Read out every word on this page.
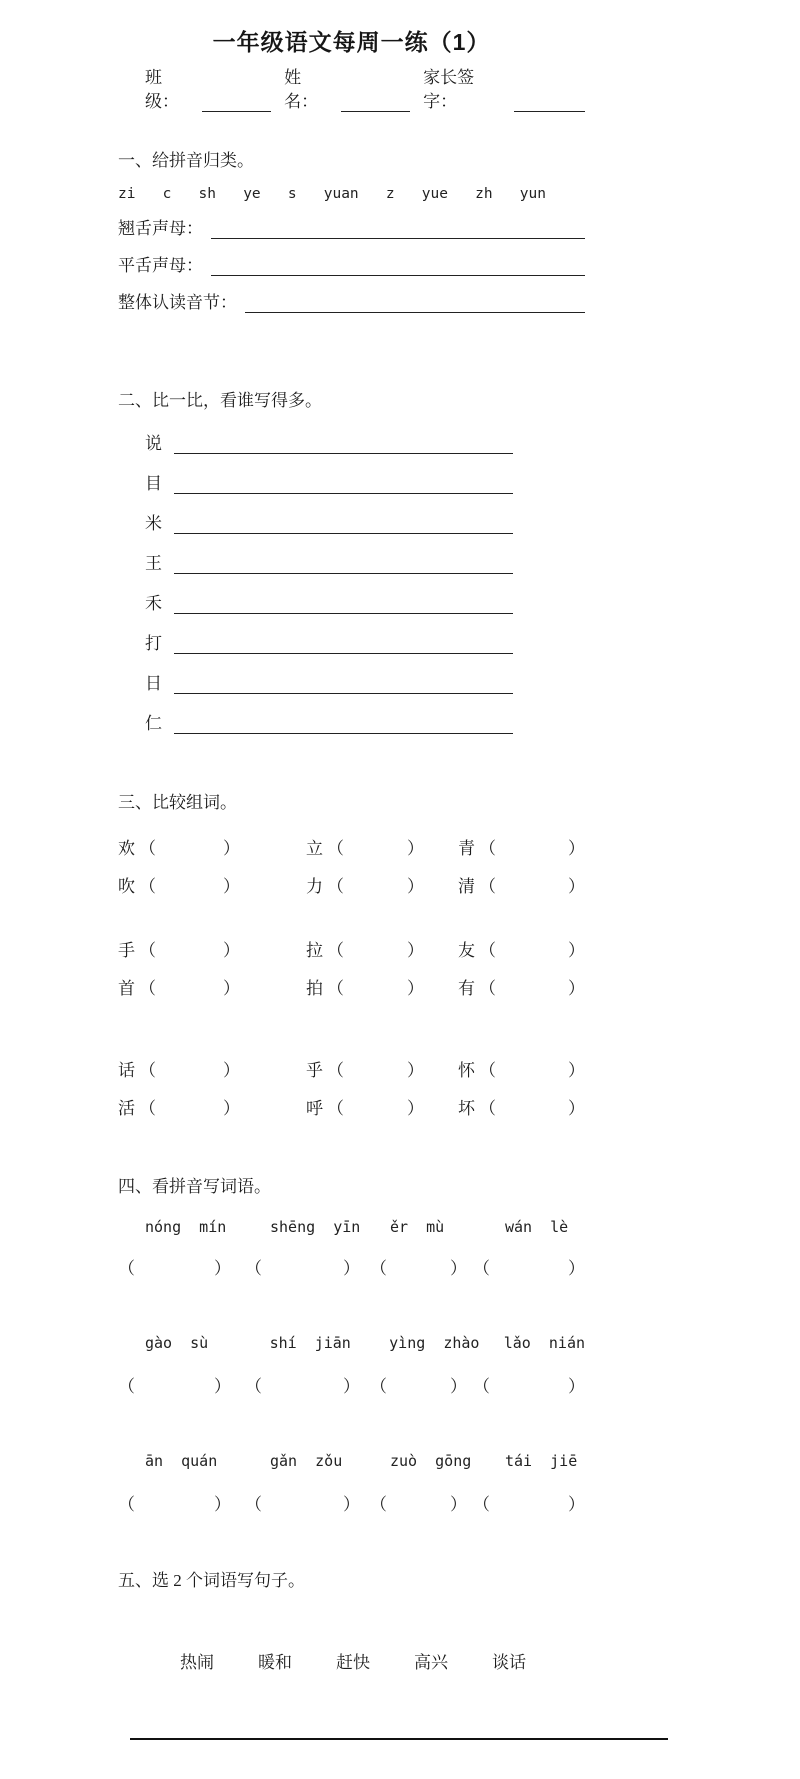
一年级语文每周一练（1）
班级：
姓名：
家长签字：
一、给拼音归类。
zi c sh ye s yuan z yue zh yun
翘舌声母：
平舌声母：
整体认读音节：
二、比一比，看谁写得多。
说
目
米
王
禾
打
日
仁
三、比较组词。
欢 （	）	立 （	） 青 （	）
吹 （	）	力 （	） 清 （	）
手 （	）	拉 （	） 友 （	）
首 （	）	拍 （	） 有 （	）
话 （	）	乎 （	） 怀 （	）
活 （	）	呼 （	） 坏 （	）
四、看拼音写词语。
nóng  mín	shēng  yīn	ěr  mù	wán  lè
（	） （	） （	） （	）
gào  sù	shí  jiān	yìng  zhào	lǎo  nián
（	） （	） （	） （	）
ān  quán	gǎn  zǒu	zuò  gōng	tái  jiē
（	） （	） （	） （	）
五、选 2 个词语写句子。
热闹	暖和	赶快	高兴	谈话
